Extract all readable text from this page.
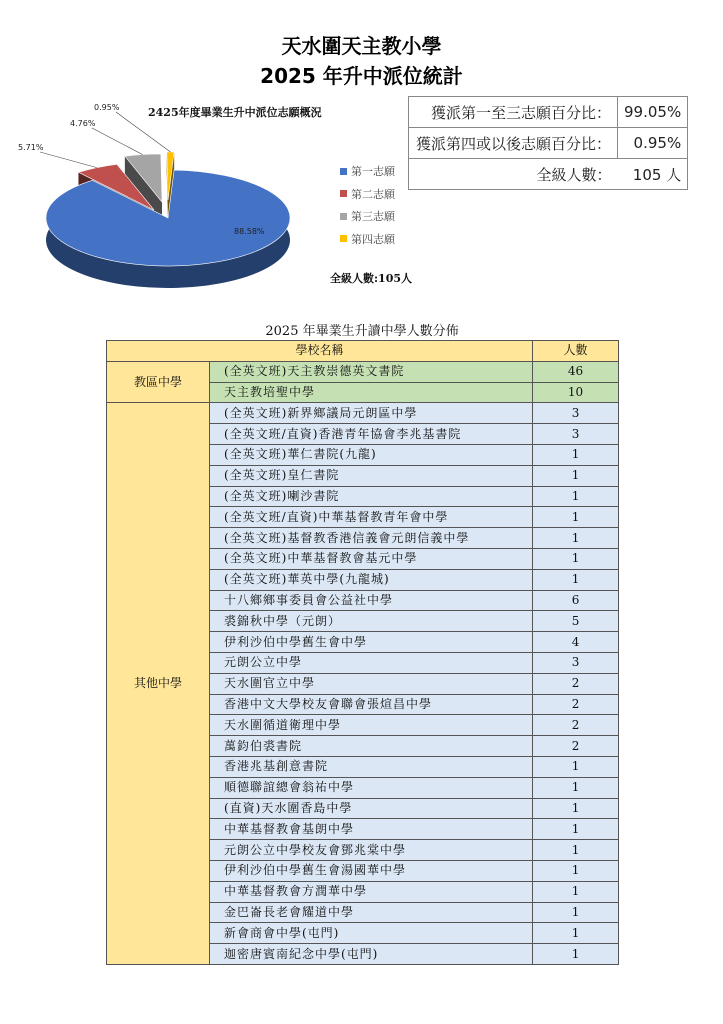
天水圍天主教小學
2025 年升中派位統計
2425年度畢業生升中派位志願概況
88.58%
5.71%
4.76%
0.95%
第一志願
第二志願
第三志願
第四志願
全級人數:105人
獲派第一至三志願百分比：	99.05%
獲派第四或以後志願百分比：	0.95%
全級人數：	105 人
2025 年畢業生升讀中學人數分佈
學校名稱		人數
教區中學	(全英文班)天主教崇德英文書院	46
	天主教培聖中學	10
其他中學	(全英文班)新界鄉議局元朗區中學	3
	(全英文班/直資)香港青年協會李兆基書院	3
	(全英文班)華仁書院(九龍)	1
	(全英文班)皇仁書院	1
	(全英文班)喇沙書院	1
	(全英文班/直資)中華基督教青年會中學	1
	(全英文班)基督教香港信義會元朗信義中學	1
	(全英文班)中華基督教會基元中學	1
	(全英文班)華英中學(九龍城)	1
	十八鄉鄉事委員會公益社中學	6
	裘錦秋中學（元朗）	5
	伊利沙伯中學舊生會中學	4
	元朗公立中學	3
	天水圍官立中學	2
	香港中文大學校友會聯會張煊昌中學	2
	天水圍循道衛理中學	2
	萬鈞伯裘書院	2
	香港兆基創意書院	1
	順德聯誼總會翁祐中學	1
	(直資)天水圍香島中學	1
	中華基督教會基朗中學	1
	元朗公立中學校友會鄧兆棠中學	1
	伊利沙伯中學舊生會湯國華中學	1
	中華基督教會方潤華中學	1
	金巴崙長老會耀道中學	1
	新會商會中學(屯門)	1
	迦密唐賓南紀念中學(屯門)	1
